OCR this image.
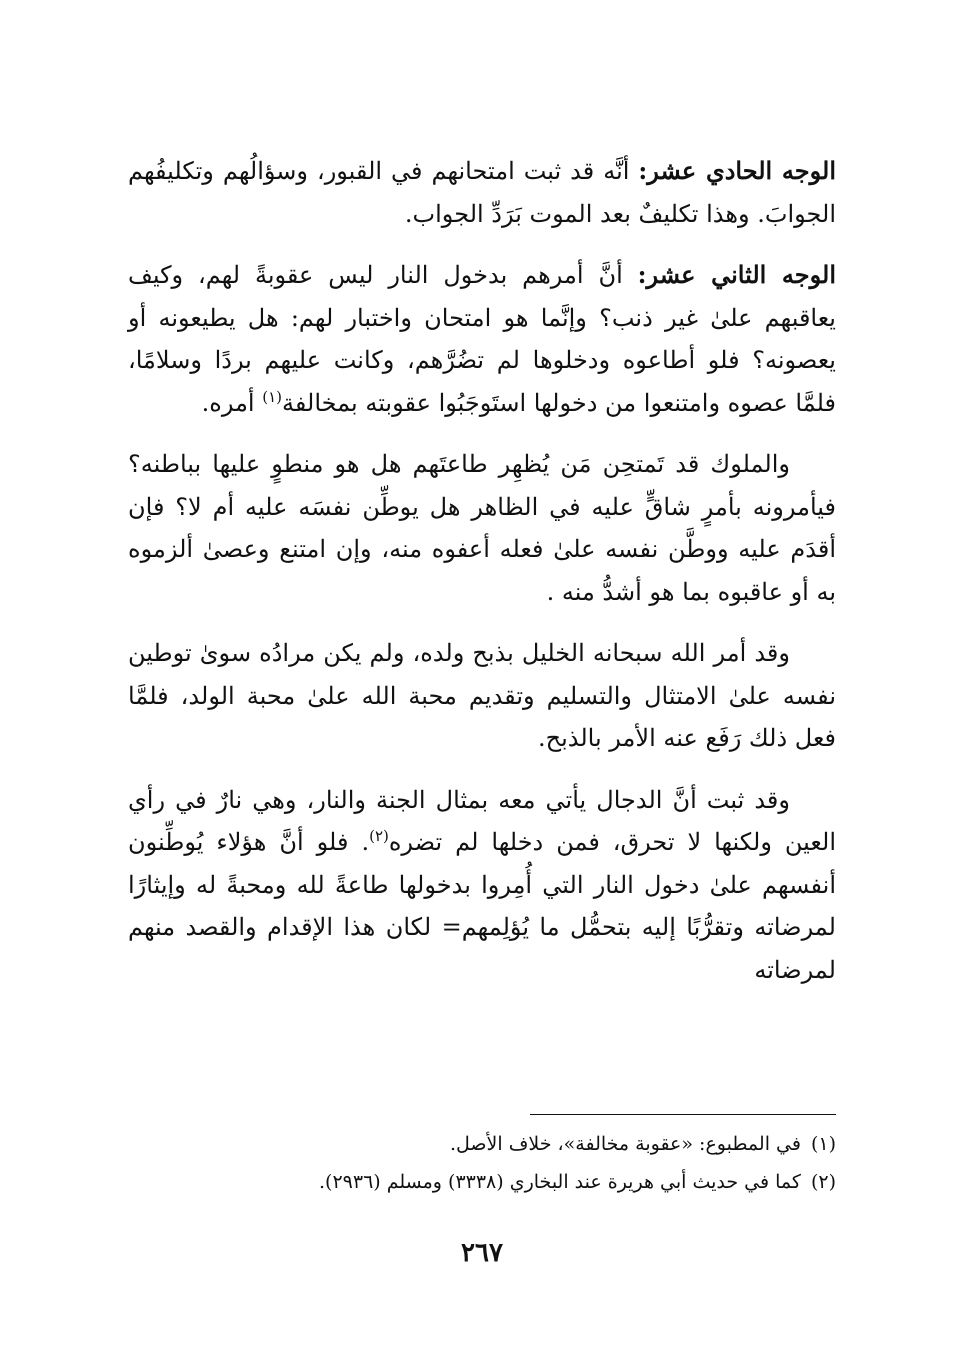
الوجه الحادي عشر: أنَّه قد ثبت امتحانهم في القبور، وسؤالُهم وتكليفُهم الجوابَ. وهذا تكليفٌ بعد الموت بَرَدِّ الجواب.

الوجه الثاني عشر: أنَّ أمرهم بدخول النار ليس عقوبةً لهم، وكيف يعاقبهم علىٰ غير ذنب؟ وإنَّما هو امتحان واختبار لهم: هل يطيعونه أو يعصونه؟ فلو أطاعوه ودخلوها لم تضُرَّهم، وكانت عليهم بردًا وسلامًا، فلمَّا عصوه وامتنعوا من دخولها استَوجَبُوا عقوبته بمخالفة$^{(١)}$ أمره.

والملوك قد تَمتحِن مَن يُظهِر طاعتَهم هل هو منطوٍ عليها بباطنه؟ فيأمرونه بأمرٍ شاقٍّ عليه في الظاهر هل يوطِّن نفسَه عليه أم لا؟ فإن أقدَم عليه ووطَّن نفسه علىٰ فعله أعفوه منه، وإن امتنع وعصىٰ ألزموه به أو عاقبوه بما هو أشدُّ منه .

وقد أمر الله سبحانه الخليل بذبح ولده، ولم يكن مرادُه سوىٰ توطين نفسه علىٰ الامتثال والتسليم وتقديم محبة الله علىٰ محبة الولد، فلمَّا فعل ذلك رَفَع عنه الأمر بالذبح.

وقد ثبت أنَّ الدجال يأتي معه بمثال الجنة والنار، وهي نارٌ في رأي العين ولكنها لا تحرق، فمن دخلها لم تضره$^{(٢)}$. فلو أنَّ هؤلاء يُوطِّنون أنفسهم علىٰ دخول النار التي أُمِروا بدخولها طاعةً لله ومحبةً له وإيثارًا لمرضاته وتقرُّبًا إليه بتحمُّل ما يُؤلِمهم= لكان هذا الإقدام والقصد منهم لمرضاته

(١)في المطبوع: «عقوبة مخالفة»، خلاف الأصل.

(٢)كما في حديث أبي هريرة عند البخاري (٣٣٣٨) ومسلم (٢٩٣٦).

٢٦٧
